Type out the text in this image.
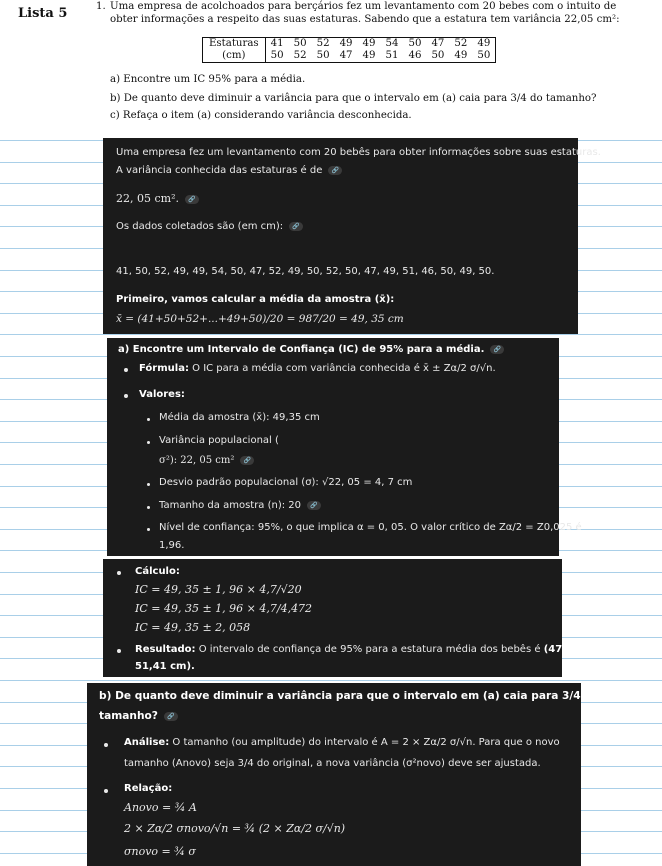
Lista 5	1. Uma empresa de acolchoados para berçários fez um levantamento com 20 bebes com o intuito de
obter informações a respeito das suas estaturas. Sabendo que a estatura tem variância 22,05 cm²:
Estaturas	41	50	52	49	49	54	50	47	52	49
(cm)	50	52	50	47	49	51	46	50	49	50
a) Encontre um IC 95% para a média.
b) De quanto deve diminuir a variância para que o intervalo em (a) caia para 3/4 do tamanho?
c) Refaça o item (a) considerando variância desconhecida.
Uma empresa fez um levantamento com 20 bebês para obter informações sobre suas estaturas.
A variância conhecida das estaturas é de 🔗
22, 05 cm². 🔗
Os dados coletados são (em cm): 🔗
41, 50, 52, 49, 49, 54, 50, 47, 52, 49, 50, 52, 50, 47, 49, 51, 46, 50, 49, 50.
Primeiro, vamos calcular a média da amostra (x̄):
x̄ = (41+50+52+...+49+50)/20 = 987/20 = 49, 35 cm
a) Encontre um Intervalo de Confiança (IC) de 95% para a média. 🔗
Fórmula: O IC para a média com variância conhecida é x̄ ± Zα/2 σ/√n.
Valores:
Média da amostra (x̄): 49,35 cm
Variância populacional (
σ²): 22, 05 cm² 🔗
Desvio padrão populacional (σ): √22, 05 = 4, 7 cm
Tamanho da amostra (n): 20 🔗
Nível de confiança: 95%, o que implica α = 0, 05. O valor crítico de Zα/2 = Z0,025 é
1,96.
Cálculo:
IC = 49, 35 ± 1, 96 × 4,7/√20
IC = 49, 35 ± 1, 96 × 4,7/4,472
IC = 49, 35 ± 2, 058
Resultado: O intervalo de confiança de 95% para a estatura média dos bebês é (47,29 cm;
51,41 cm).
b) De quanto deve diminuir a variância para que o intervalo em (a) caia para 3/4 do
tamanho? 🔗
Análise: O tamanho (ou amplitude) do intervalo é A = 2 × Zα/2 σ/√n. Para que o novo
tamanho (Anovo) seja 3/4 do original, a nova variância (σ²novo) deve ser ajustada.
Relação:
Anovo = ¾ A
2 × Zα/2 σnovo/√n = ¾ (2 × Zα/2 σ/√n)
σnovo = ¾ σ
